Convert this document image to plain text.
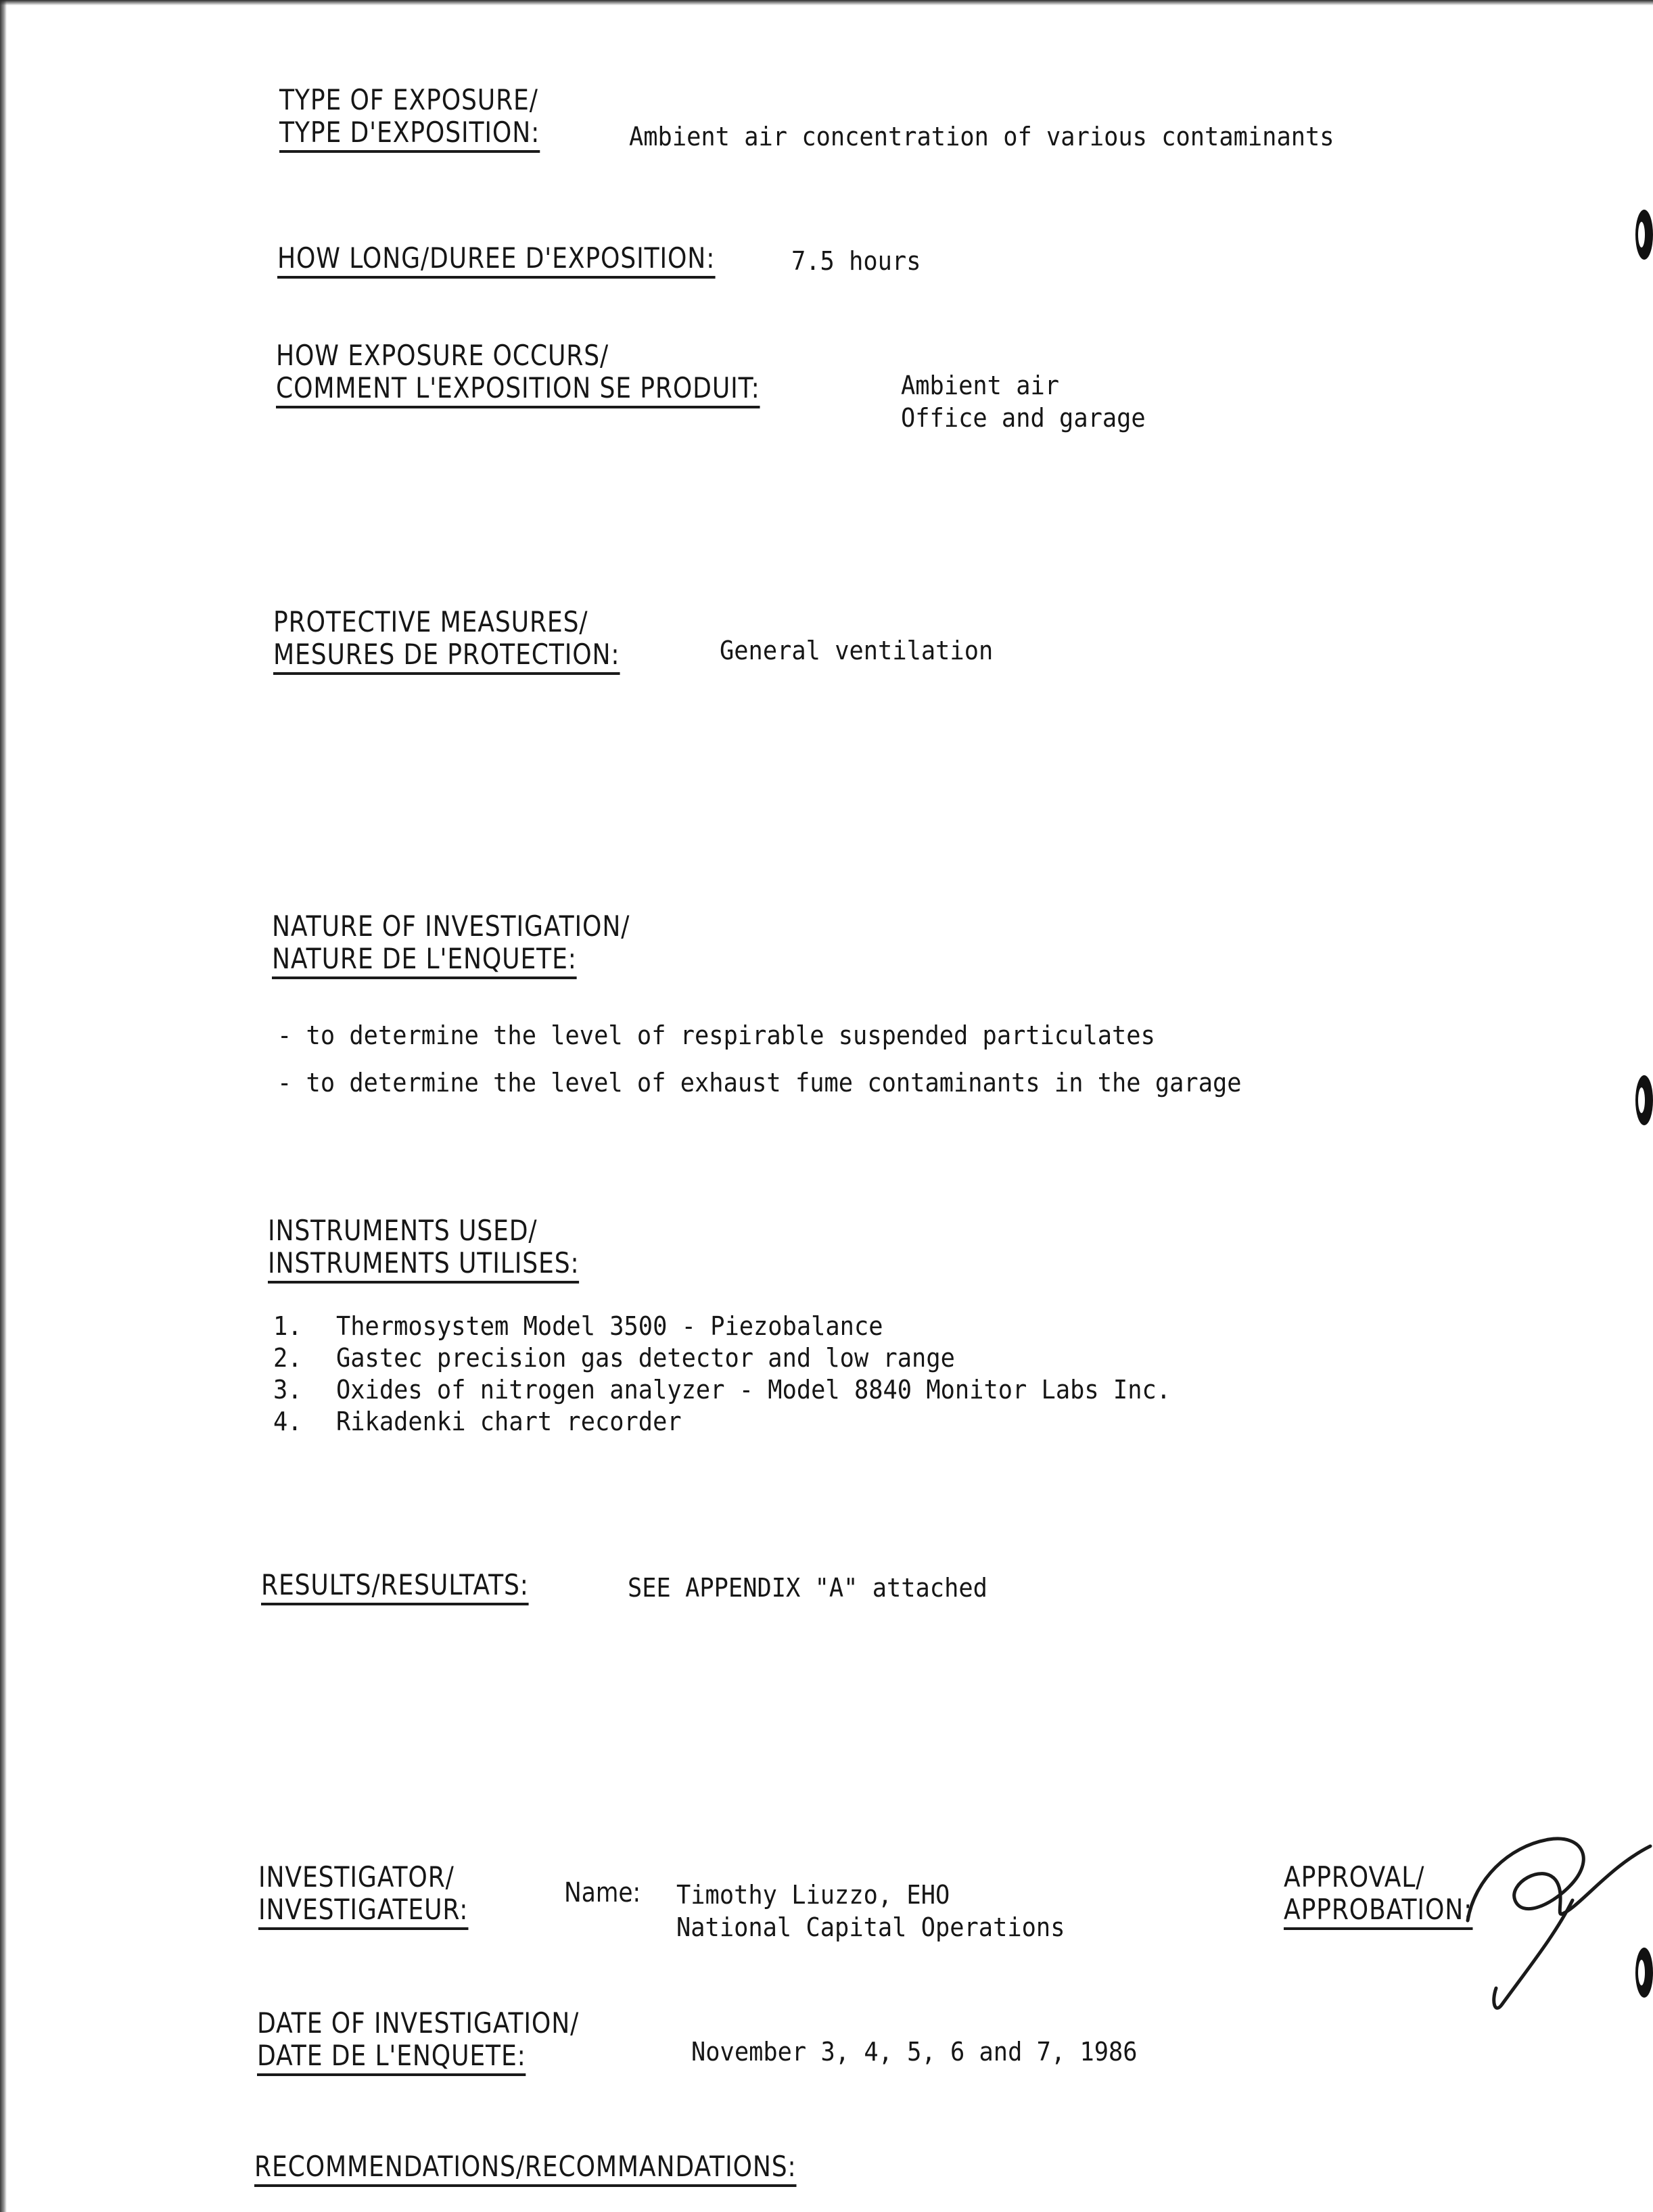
TYPE OF EXPOSURE/
TYPE D'EXPOSITION:	Ambient air concentration of various contaminants
HOW LONG/DUREE D'EXPOSITION:	7.5 hours
HOW EXPOSURE OCCURS/
COMMENT L'EXPOSITION SE PRODUIT:	Ambient air
Office and garage
PROTECTIVE MEASURES/
MESURES DE PROTECTION:	General ventilation
NATURE OF INVESTIGATION/
NATURE DE L'ENQUETE:
- to determine the level of respirable suspended particulates
- to determine the level of exhaust fume contaminants in the garage
INSTRUMENTS USED/
INSTRUMENTS UTILISES:
1. Thermosystem Model 3500 - Piezobalance
2. Gastec precision gas detector and low range
3. Oxides of nitrogen analyzer - Model 8840 Monitor Labs Inc.
4. Rikadenki chart recorder
RESULTS/RESULTATS:	SEE APPENDIX "A" attached
INVESTIGATOR/
INVESTIGATEUR:	Name: Timothy Liuzzo, EHO
National Capital Operations
APPROVAL/
APPROBATION:
DATE OF INVESTIGATION/
DATE DE L'ENQUETE:	November 3, 4, 5, 6 and 7, 1986
RECOMMENDATIONS/RECOMMANDATIONS:
